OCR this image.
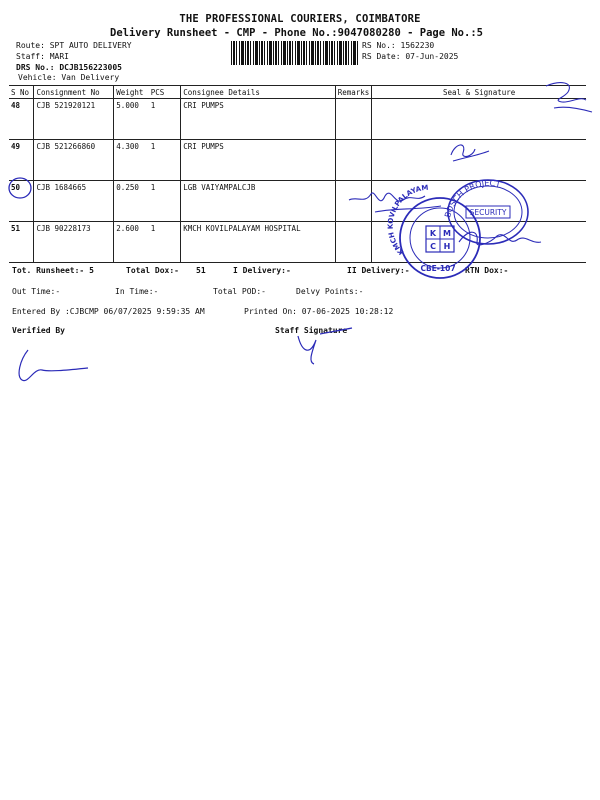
THE PROFESSIONAL COURIERS, COIMBATORE
Delivery Runsheet - CMP - Phone No.:9047080280 - Page No.:5
Route: SPT AUTO DELIVERY
Staff: MARI
DRS No.: DCJB156223005
Vehicle: Van Delivery
RS No.: 1562230
RS Date: 07-Jun-2025
S No	Consignment No	Weight	PCS	Consignee Details	Remarks	Seal & Signature
48	CJB 521920121	5.000	1	CRI PUMPS		
49	CJB 521266860	4.300	1	CRI PUMPS		
50	CJB 1684665	0.250	1	LGB VAIYAMPALCJB		
51	CJB 90228173	2.600	1	KMCH KOVILPALAYAM HOSPITAL		
Tot. Runsheet:- 5	Total Dox:- 51	I Delivery:-	II Delivery:-	RTN Dox:-
Out Time:-	In Time:-	Total POD:-	Delvy Points:-
Entered By :CJBCMP 06/07/2025 9:59:35 AM	Printed On: 07-06-2025 10:28:12
Verified By	Staff Signature
BOSCH PROJECT
SECURITY
KMCH KOVILPALAYAM HOSPITAL
K M
C H
CBE-107
